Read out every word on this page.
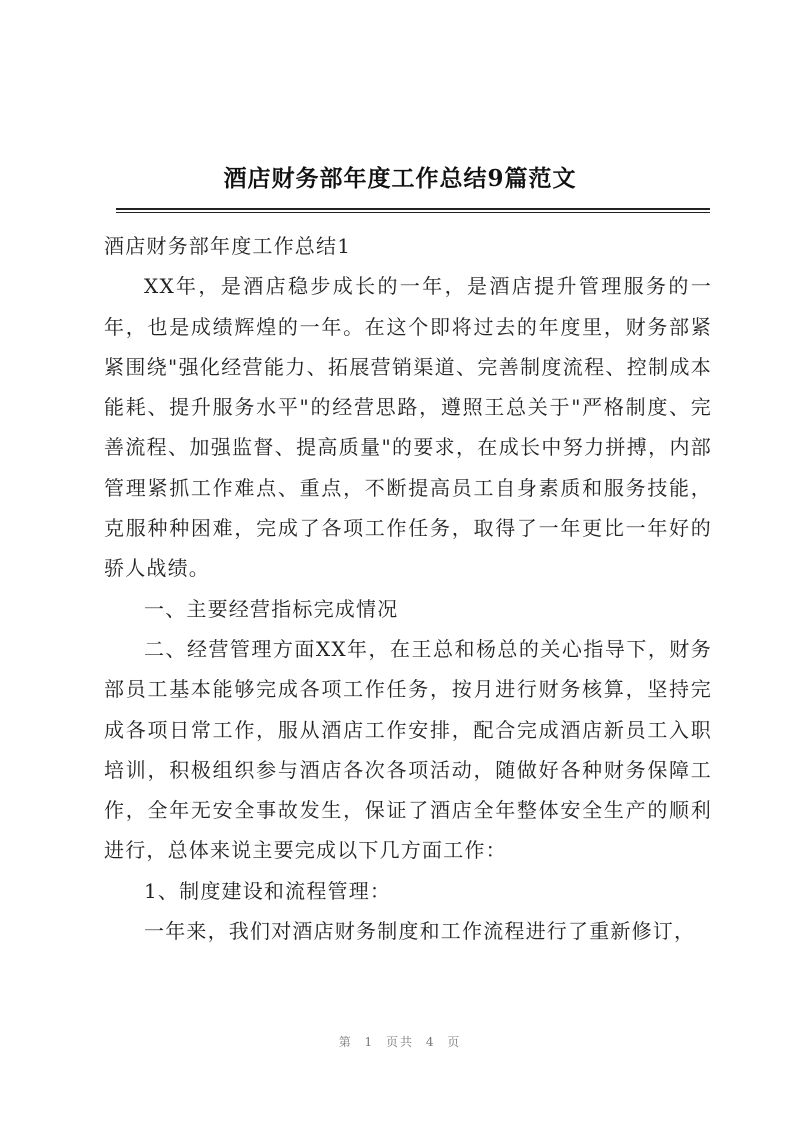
酒店财务部年度工作总结9篇范文

酒店财务部年度工作总结1

XX年，是酒店稳步成长的一年，是酒店提升管理服务的一年，也是成绩辉煌的一年。在这个即将过去的年度里，财务部紧紧围绕"强化经营能力、拓展营销渠道、完善制度流程、控制成本能耗、提升服务水平"的经营思路，遵照王总关于"严格制度、完善流程、加强监督、提高质量"的要求，在成长中努力拼搏，内部管理紧抓工作难点、重点，不断提高员工自身素质和服务技能，克服种种困难，完成了各项工作任务，取得了一年更比一年好的骄人战绩。

一、主要经营指标完成情况

二、经营管理方面XX年，在王总和杨总的关心指导下，财务部员工基本能够完成各项工作任务，按月进行财务核算，坚持完成各项日常工作，服从酒店工作安排，配合完成酒店新员工入职培训，积极组织参与酒店各次各项活动，随做好各种财务保障工作，全年无安全事故发生，保证了酒店全年整体安全生产的顺利进行，总体来说主要完成以下几方面工作：

1、制度建设和流程管理：

一年来，我们对酒店财务制度和工作流程进行了重新修订，

第 1 页共 4 页
